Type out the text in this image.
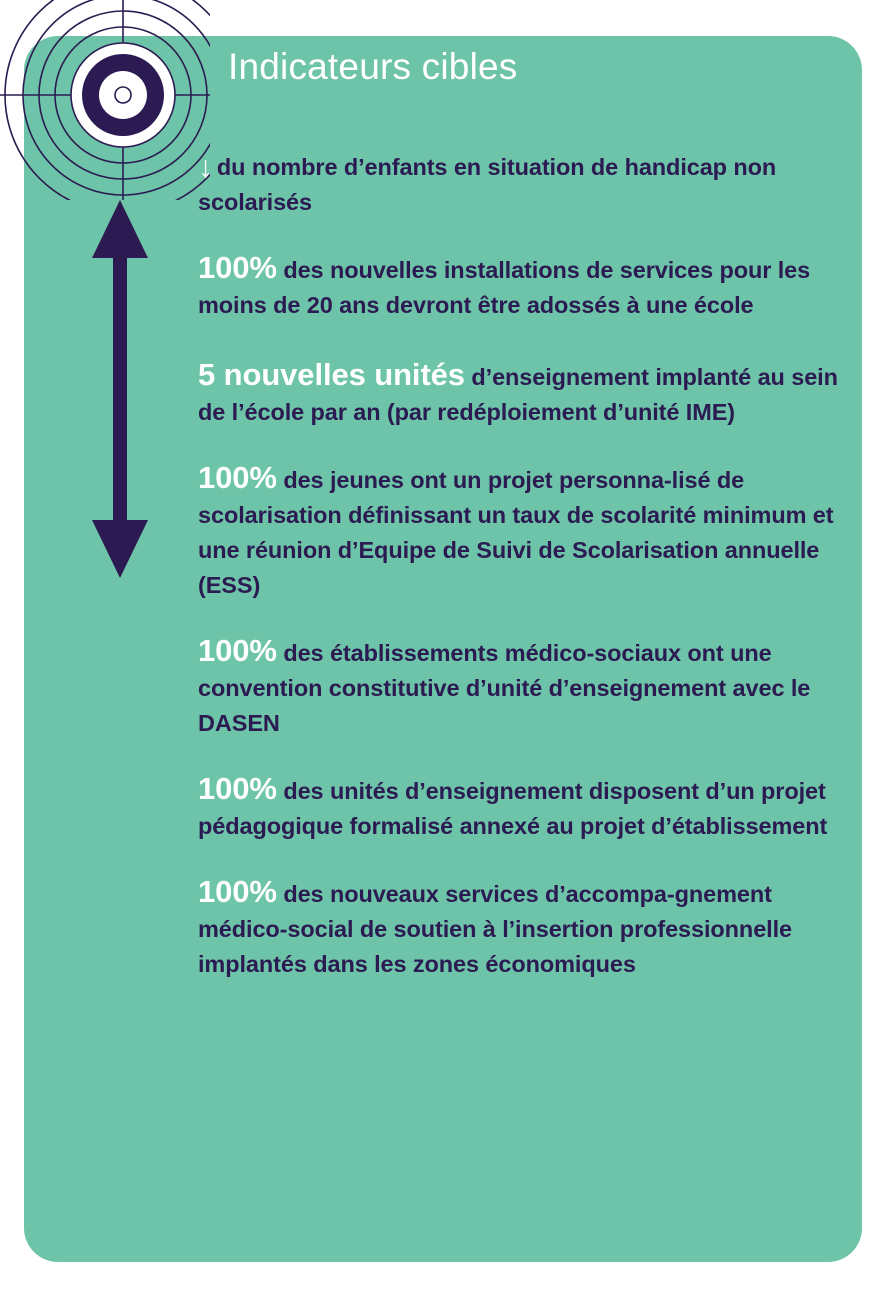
Indicateurs cibles

↓ du nombre d’enfants en situation de handicap non scolarisés

100% des nouvelles installations de services pour les moins de 20 ans devront être adossés à une école

5 nouvelles unités d’enseignement implanté au sein de l’école par an (par redéploiement d’unité IME)

100% des jeunes ont un projet personna-lisé de scolarisation définissant un taux de scolarité minimum et une réunion d’Equipe de Suivi de Scolarisation annuelle (ESS)

100% des établissements médico-sociaux ont une convention constitutive d’unité d’enseignement avec le DASEN

100% des unités d’enseignement disposent d’un projet pédagogique formalisé annexé au projet d’établissement

100% des nouveaux services d’accompa-gnement médico-social de soutien à l’insertion professionnelle implantés dans les zones économiques
